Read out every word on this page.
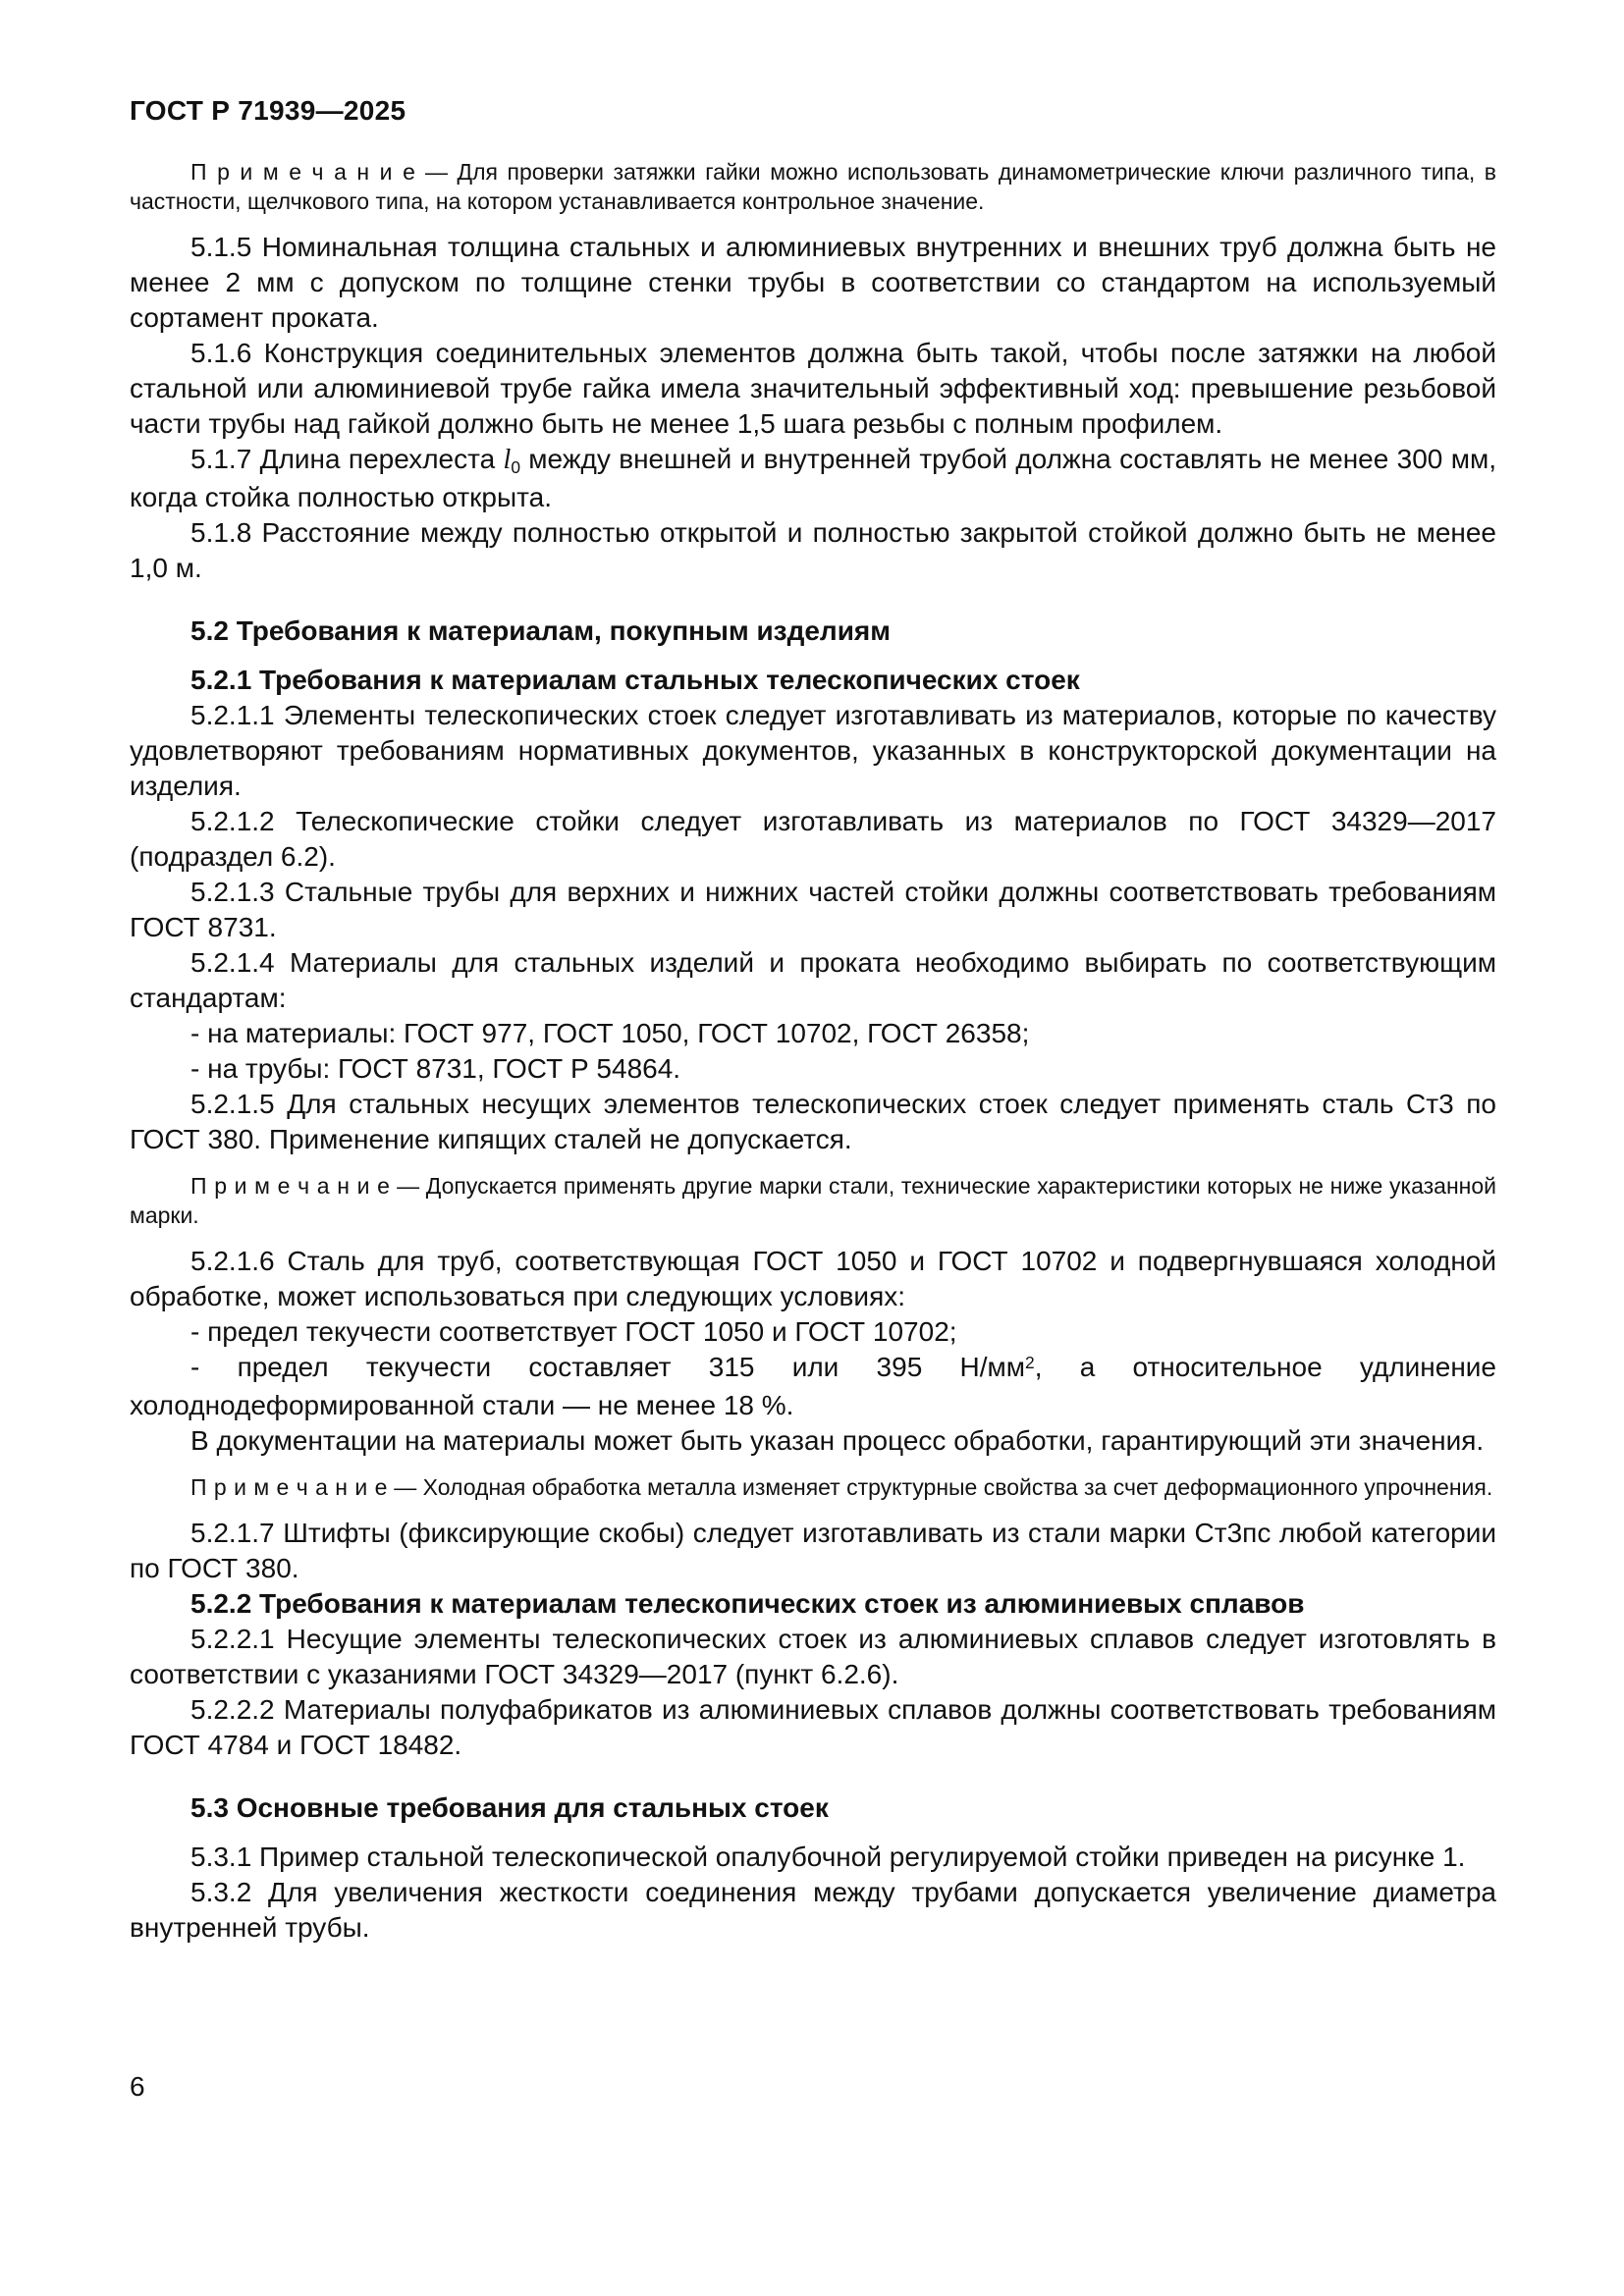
ГОСТ Р 71939—2025

П р и м е ч а н и е — Для проверки затяжки гайки можно использовать динамометрические ключи различного типа, в частности, щелчкового типа, на котором устанавливается контрольное значение.

5.1.5 Номинальная толщина стальных и алюминиевых внутренних и внешних труб должна быть не менее 2 мм с допуском по толщине стенки трубы в соответствии со стандартом на используемый сортамент проката.

5.1.6 Конструкция соединительных элементов должна быть такой, чтобы после затяжки на любой стальной или алюминиевой трубе гайка имела значительный эффективный ход: превышение резьбовой части трубы над гайкой должно быть не менее 1,5 шага резьбы с полным профилем.

5.1.7 Длина перехлеста $l_0$ между внешней и внутренней трубой должна составлять не менее 300 мм, когда стойка полностью открыта.

5.1.8 Расстояние между полностью открытой и полностью закрытой стойкой должно быть не менее 1,0 м.

5.2 Требования к материалам, покупным изделиям

5.2.1 Требования к материалам стальных телескопических стоек

5.2.1.1 Элементы телескопических стоек следует изготавливать из материалов, которые по качеству удовлетворяют требованиям нормативных документов, указанных в конструкторской документации на изделия.

5.2.1.2 Телескопические стойки следует изготавливать из материалов по ГОСТ 34329—2017 (подраздел 6.2).

5.2.1.3 Стальные трубы для верхних и нижних частей стойки должны соответствовать требованиям ГОСТ 8731.

5.2.1.4 Материалы для стальных изделий и проката необходимо выбирать по соответствующим стандартам:

- на материалы: ГОСТ 977, ГОСТ 1050, ГОСТ 10702, ГОСТ 26358;

- на трубы: ГОСТ 8731, ГОСТ Р 54864.

5.2.1.5 Для стальных несущих элементов телескопических стоек следует применять сталь Ст3 по ГОСТ 380. Применение кипящих сталей не допускается.

П р и м е ч а н и е — Допускается применять другие марки стали, технические характеристики которых не ниже указанной марки.

5.2.1.6 Сталь для труб, соответствующая ГОСТ 1050 и ГОСТ 10702 и подвергнувшаяся холодной обработке, может использоваться при следующих условиях:

- предел текучести соответствует ГОСТ 1050 и ГОСТ 10702;

- предел текучести составляет 315 или 395 $Н/мм^2$, а относительное удлинение холоднодеформированной стали — не менее 18 %.

В документации на материалы может быть указан процесс обработки, гарантирующий эти значения.

П р и м е ч а н и е — Холодная обработка металла изменяет структурные свойства за счет деформационного упрочнения.

5.2.1.7 Штифты (фиксирующие скобы) следует изготавливать из стали марки Ст3пс любой категории по ГОСТ 380.

5.2.2 Требования к материалам телескопических стоек из алюминиевых сплавов

5.2.2.1 Несущие элементы телескопических стоек из алюминиевых сплавов следует изготовлять в соответствии с указаниями ГОСТ 34329—2017 (пункт 6.2.6).

5.2.2.2 Материалы полуфабрикатов из алюминиевых сплавов должны соответствовать требованиям ГОСТ 4784 и ГОСТ 18482.

5.3 Основные требования для стальных стоек

5.3.1 Пример стальной телескопической опалубочной регулируемой стойки приведен на рисунке 1.

5.3.2 Для увеличения жесткости соединения между трубами допускается увеличение диаметра внутренней трубы.

6
